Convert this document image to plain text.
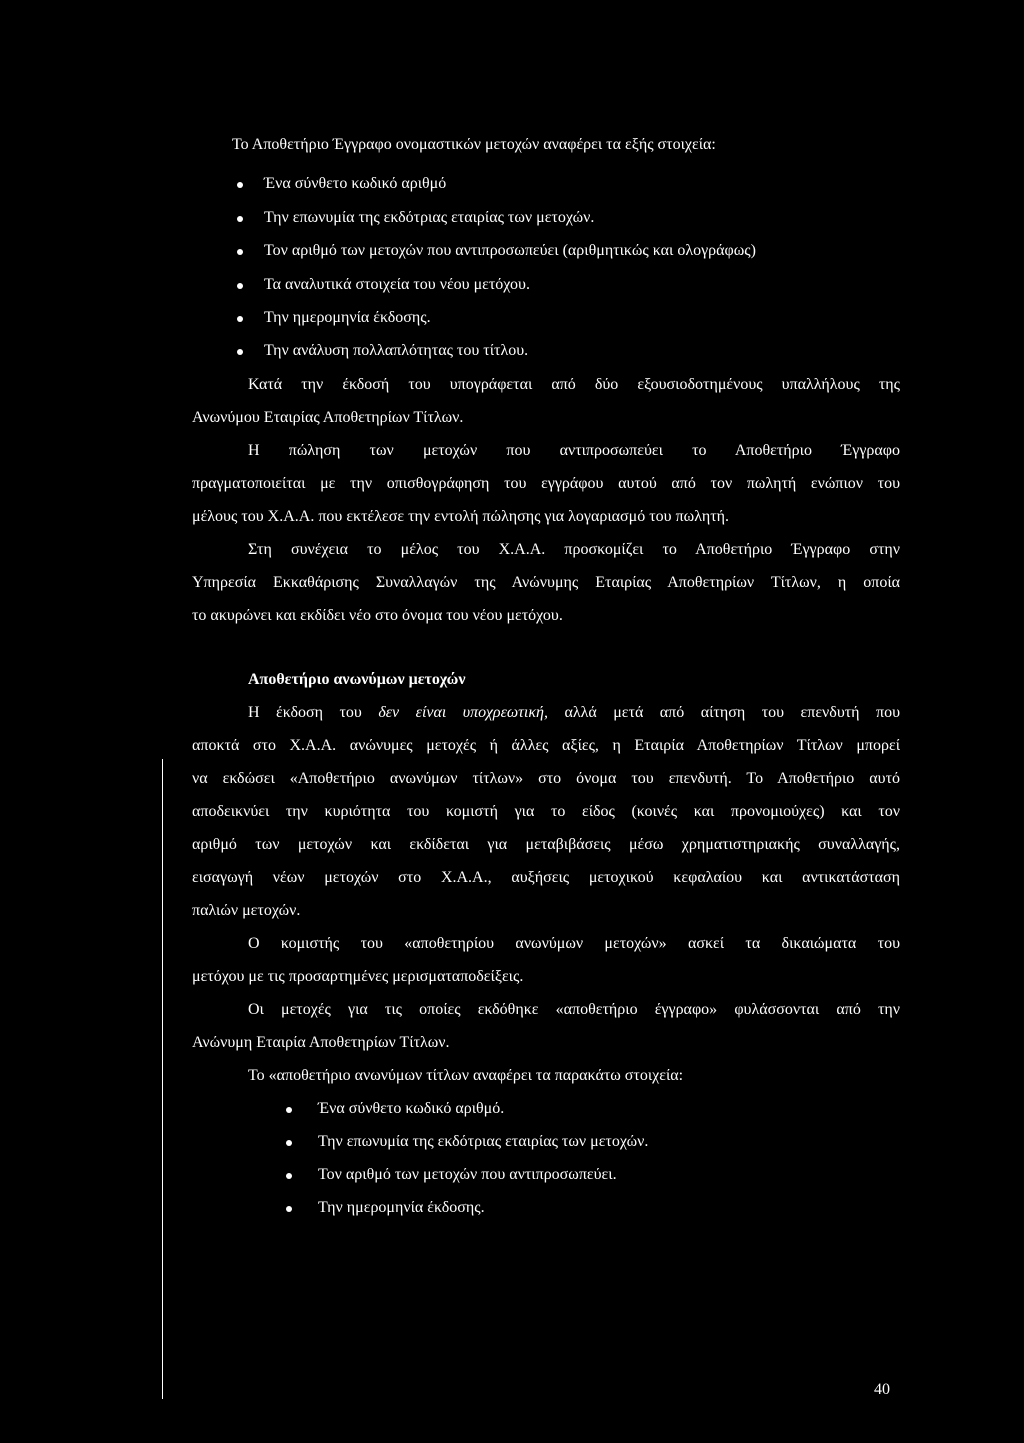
Το Αποθετήριο Έγγραφο ονομαστικών μετοχών αναφέρει τα εξής στοιχεία:
Ένα σύνθετο κωδικό αριθμό
Την επωνυμία της εκδότριας εταιρίας των μετοχών.
Τον αριθμό των μετοχών που αντιπροσωπεύει (αριθμητικώς και ολογράφως)
Τα αναλυτικά στοιχεία του νέου μετόχου.
Την ημερομηνία έκδοσης.
Την ανάλυση πολλαπλότητας του τίτλου.
Κατά την έκδοσή του υπογράφεται από δύο εξουσιοδοτημένους υπαλλήλους της
Ανωνύμου Εταιρίας Αποθετηρίων Τίτλων.
Η πώληση των μετοχών που αντιπροσωπεύει το Αποθετήριο Έγγραφο
πραγματοποιείται με την οπισθογράφηση του εγγράφου αυτού από τον πωλητή ενώπιον του
μέλους του Χ.Α.Α. που εκτέλεσε την εντολή πώλησης για λογαριασμό του πωλητή.
Στη συνέχεια το μέλος του Χ.Α.Α. προσκομίζει το Αποθετήριο Έγγραφο στην
Υπηρεσία Εκκαθάρισης Συναλλαγών της Ανώνυμης Εταιρίας Αποθετηρίων Τίτλων, η οποία
το ακυρώνει και εκδίδει νέο στο όνομα του νέου μετόχου.
Αποθετήριο ανωνύμων μετοχών
Η έκδοση του δεν είναι υποχρεωτική, αλλά μετά από αίτηση του επενδυτή που
αποκτά στο Χ.Α.Α. ανώνυμες μετοχές ή άλλες αξίες, η Εταιρία Αποθετηρίων Τίτλων μπορεί
να εκδώσει «Αποθετήριο ανωνύμων τίτλων» στο όνομα του επενδυτή. Το Αποθετήριο αυτό
αποδεικνύει την κυριότητα του κομιστή για το είδος (κοινές και προνομιούχες) και τον
αριθμό των μετοχών και εκδίδεται για μεταβιβάσεις μέσω χρηματιστηριακής συναλλαγής,
εισαγωγή νέων μετοχών στο Χ.Α.Α., αυξήσεις μετοχικού κεφαλαίου και αντικατάσταση
παλιών μετοχών.
Ο κομιστής του «αποθετηρίου ανωνύμων μετοχών» ασκεί τα δικαιώματα του
μετόχου με τις προσαρτημένες μερισματαποδείξεις.
Οι μετοχές για τις οποίες εκδόθηκε «αποθετήριο έγγραφο» φυλάσσονται από την
Ανώνυμη Εταιρία Αποθετηρίων Τίτλων.
Το «αποθετήριο ανωνύμων τίτλων αναφέρει τα παρακάτω στοιχεία:
Ένα σύνθετο κωδικό αριθμό.
Την επωνυμία της εκδότριας εταιρίας των μετοχών.
Τον αριθμό των μετοχών που αντιπροσωπεύει.
Την ημερομηνία έκδοσης.
40
